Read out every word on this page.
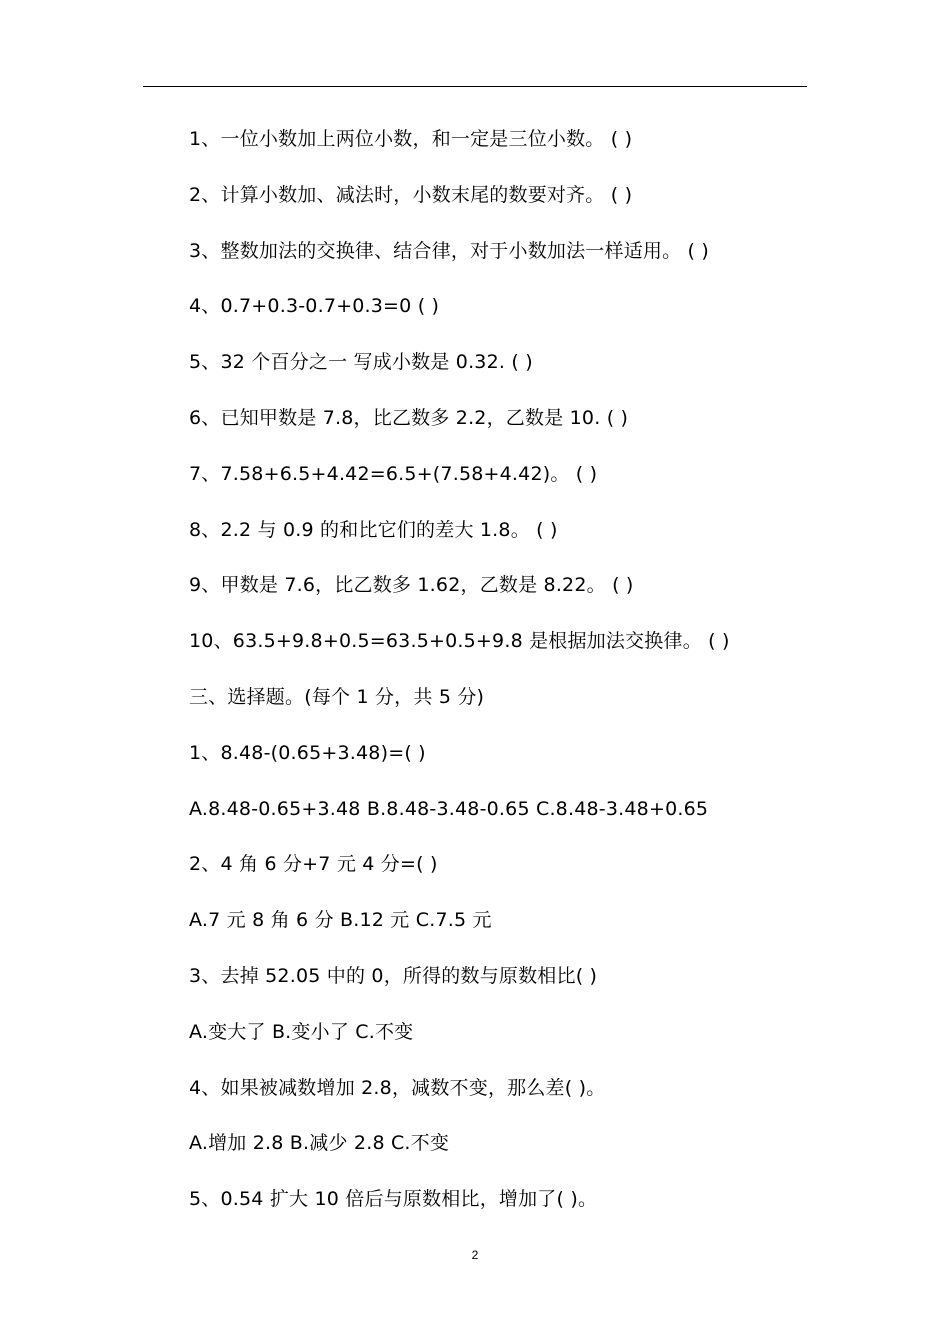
1、一位小数加上两位小数，和一定是三位小数。 ( )
2、计算小数加、减法时，小数末尾的数要对齐。 ( )
3、整数加法的交换律、结合律，对于小数加法一样适用。 ( )
4、0.7+0.3-0.7+0.3=0 ( )
5、32 个百分之一 写成小数是 0.32. ( )
6、已知甲数是 7.8，比乙数多 2.2，乙数是 10. ( )
7、7.58+6.5+4.42=6.5+(7.58+4.42)。 ( )
8、2.2 与 0.9 的和比它们的差大 1.8。 ( )
9、甲数是 7.6，比乙数多 1.62，乙数是 8.22。 ( )
10、63.5+9.8+0.5=63.5+0.5+9.8 是根据加法交换律。 ( )
三、选择题。(每个 1 分，共 5 分)
1、8.48-(0.65+3.48)=( )
A.8.48-0.65+3.48 B.8.48-3.48-0.65 C.8.48-3.48+0.65
2、4 角 6 分+7 元 4 分=( )
A.7 元 8 角 6 分 B.12 元 C.7.5 元
3、去掉 52.05 中的 0，所得的数与原数相比( )
A.变大了 B.变小了 C.不变
4、如果被减数增加 2.8，减数不变，那么差( )。
A.增加 2.8 B.减少 2.8 C.不变
5、0.54 扩大 10 倍后与原数相比，增加了( )。
2
